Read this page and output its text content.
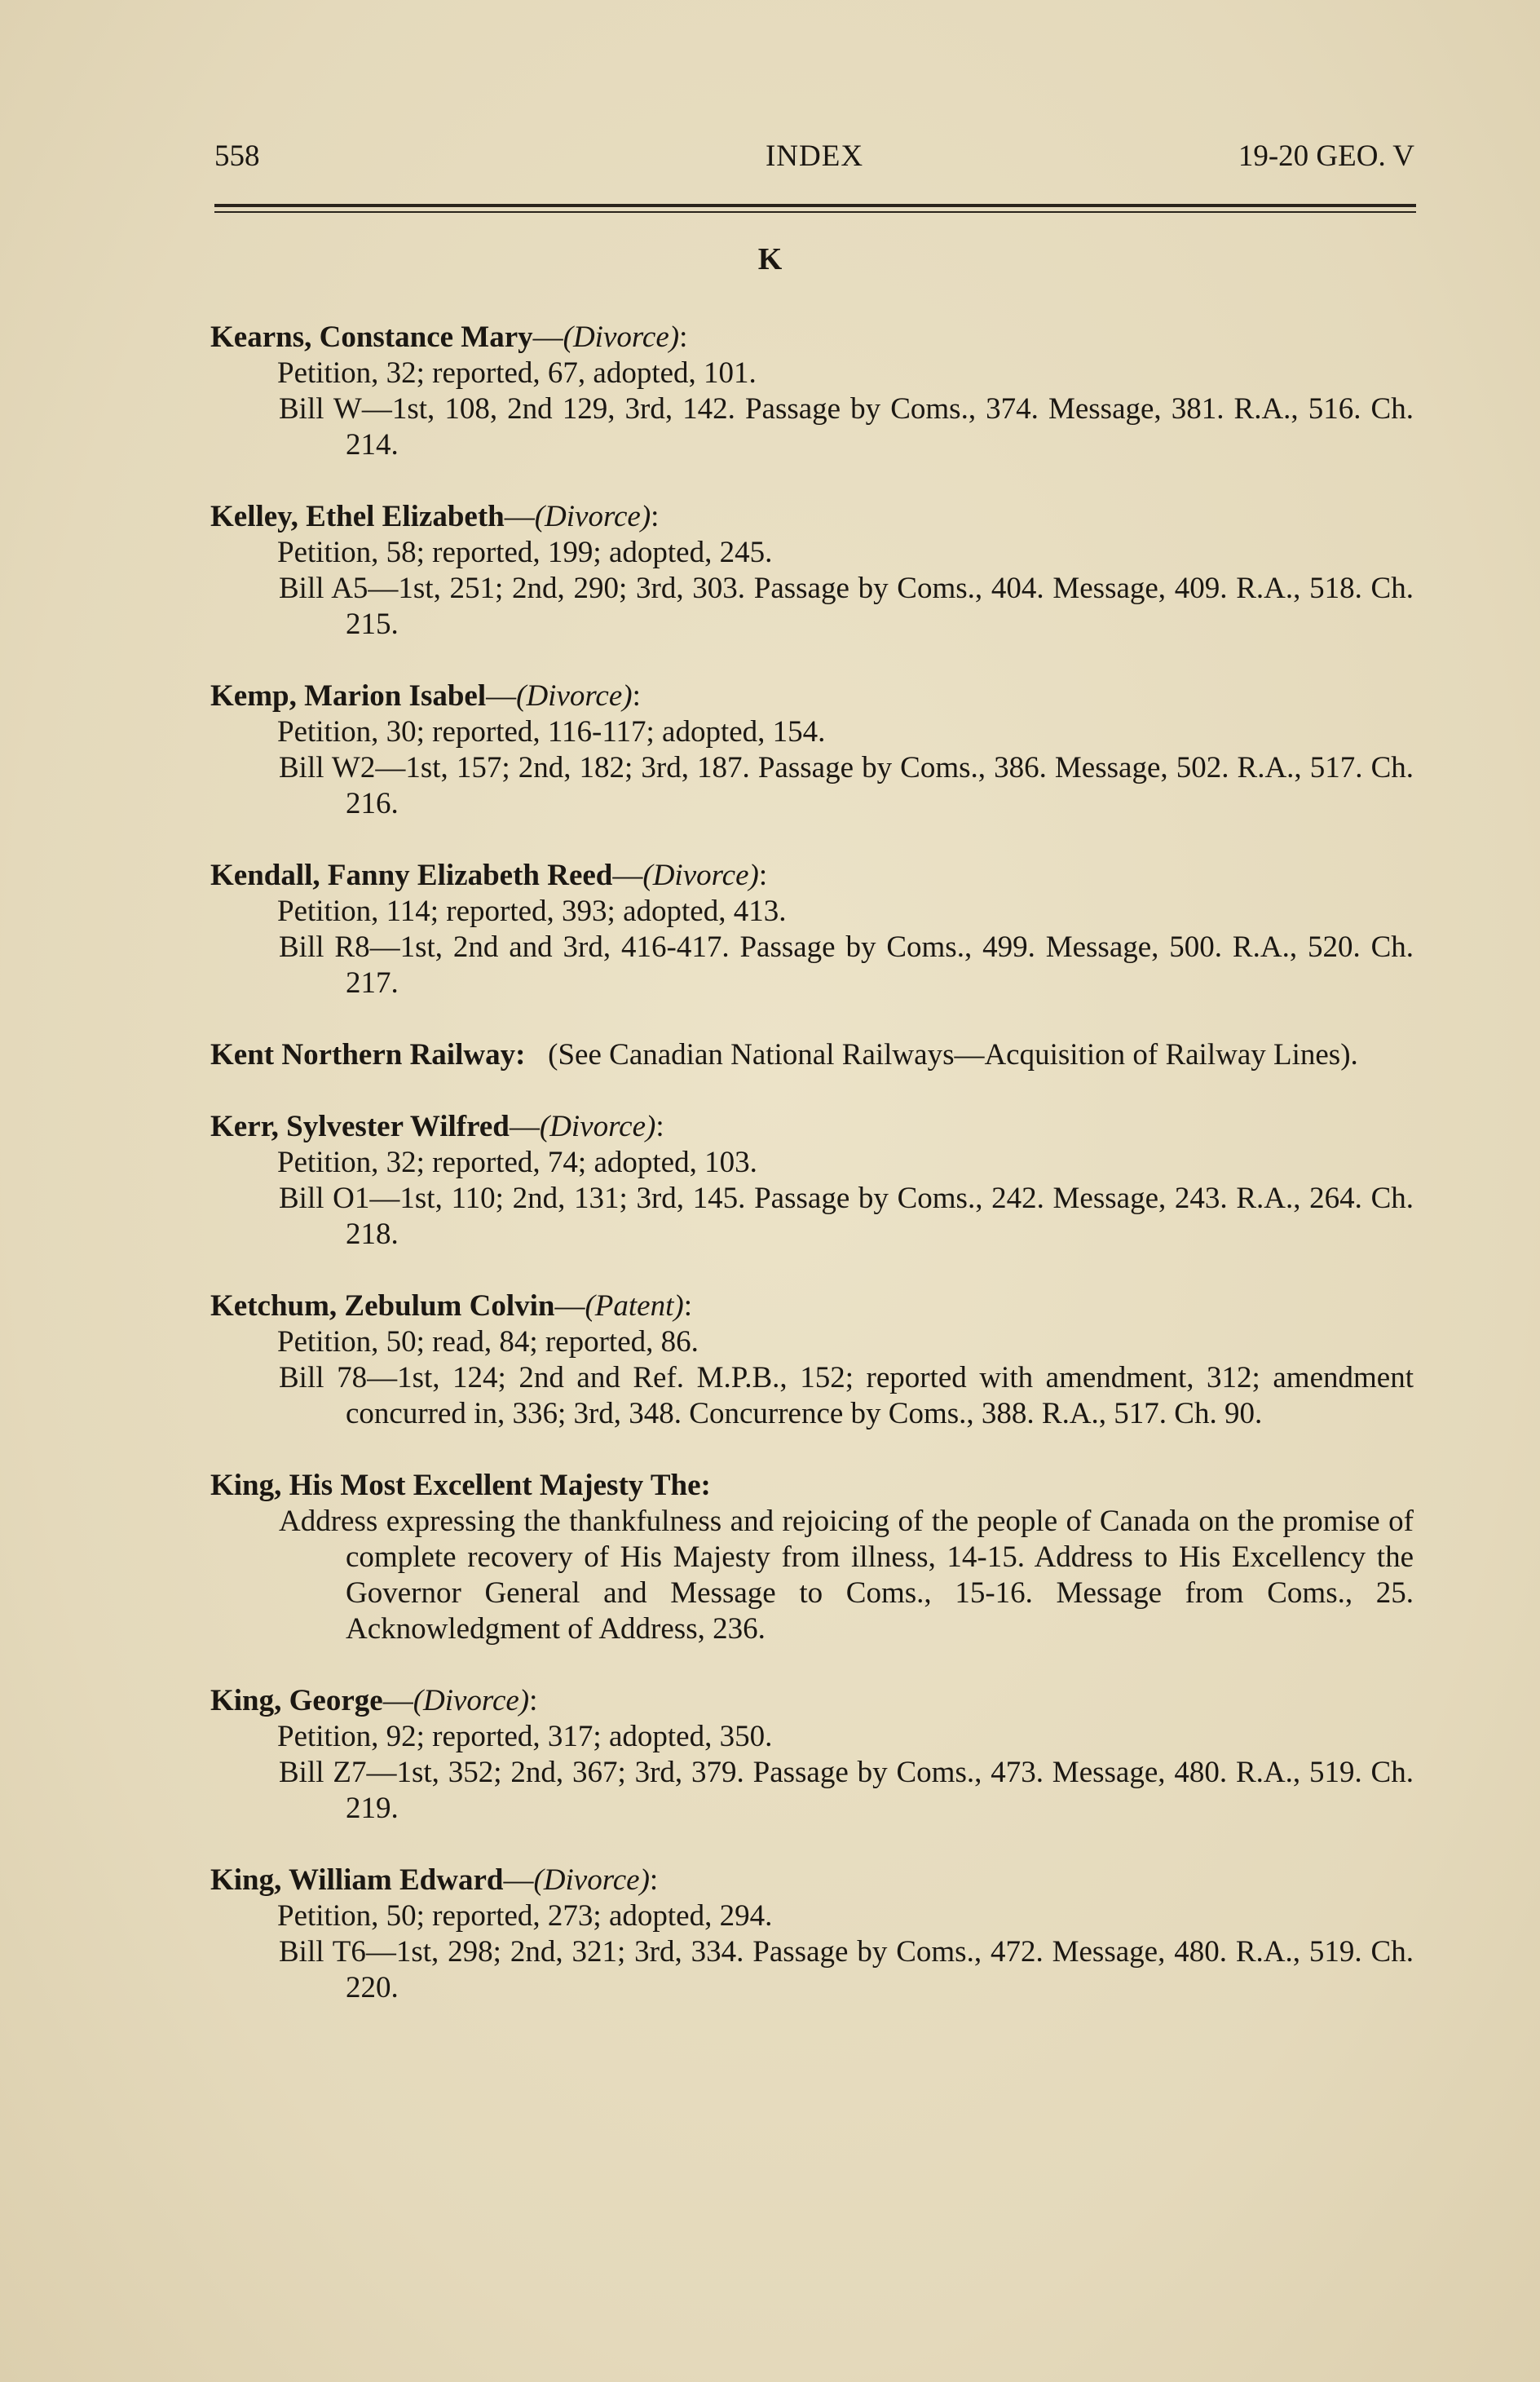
558	INDEX	19-20 GEO. V
K
Kearns, Constance Mary—(Divorce):
Petition, 32; reported, 67, adopted, 101.
Bill W—1st, 108, 2nd 129, 3rd, 142. Passage by Coms., 374. Message, 381. R.A., 516. Ch. 214.
Kelley, Ethel Elizabeth—(Divorce):
Petition, 58; reported, 199; adopted, 245.
Bill A5—1st, 251; 2nd, 290; 3rd, 303. Passage by Coms., 404. Message, 409. R.A., 518. Ch. 215.
Kemp, Marion Isabel—(Divorce):
Petition, 30; reported, 116-117; adopted, 154.
Bill W2—1st, 157; 2nd, 182; 3rd, 187. Passage by Coms., 386. Message, 502. R.A., 517. Ch. 216.
Kendall, Fanny Elizabeth Reed—(Divorce):
Petition, 114; reported, 393; adopted, 413.
Bill R8—1st, 2nd and 3rd, 416-417. Passage by Coms., 499. Message, 500. R.A., 520. Ch. 217.
Kent Northern Railway: (See Canadian National Railways—Acquisition of Railway Lines).
Kerr, Sylvester Wilfred—(Divorce):
Petition, 32; reported, 74; adopted, 103.
Bill O1—1st, 110; 2nd, 131; 3rd, 145. Passage by Coms., 242. Message, 243. R.A., 264. Ch. 218.
Ketchum, Zebulum Colvin—(Patent):
Petition, 50; read, 84; reported, 86.
Bill 78—1st, 124; 2nd and Ref. M.P.B., 152; reported with amendment, 312; amendment concurred in, 336; 3rd, 348. Concurrence by Coms., 388. R.A., 517. Ch. 90.
King, His Most Excellent Majesty The:
Address expressing the thankfulness and rejoicing of the people of Canada on the promise of complete recovery of His Majesty from illness, 14-15. Address to His Excellency the Governor General and Message to Coms., 15-16. Message from Coms., 25. Acknowledgment of Address, 236.
King, George—(Divorce):
Petition, 92; reported, 317; adopted, 350.
Bill Z7—1st, 352; 2nd, 367; 3rd, 379. Passage by Coms., 473. Message, 480. R.A., 519. Ch. 219.
King, William Edward—(Divorce):
Petition, 50; reported, 273; adopted, 294.
Bill T6—1st, 298; 2nd, 321; 3rd, 334. Passage by Coms., 472. Message, 480. R.A., 519. Ch. 220.
